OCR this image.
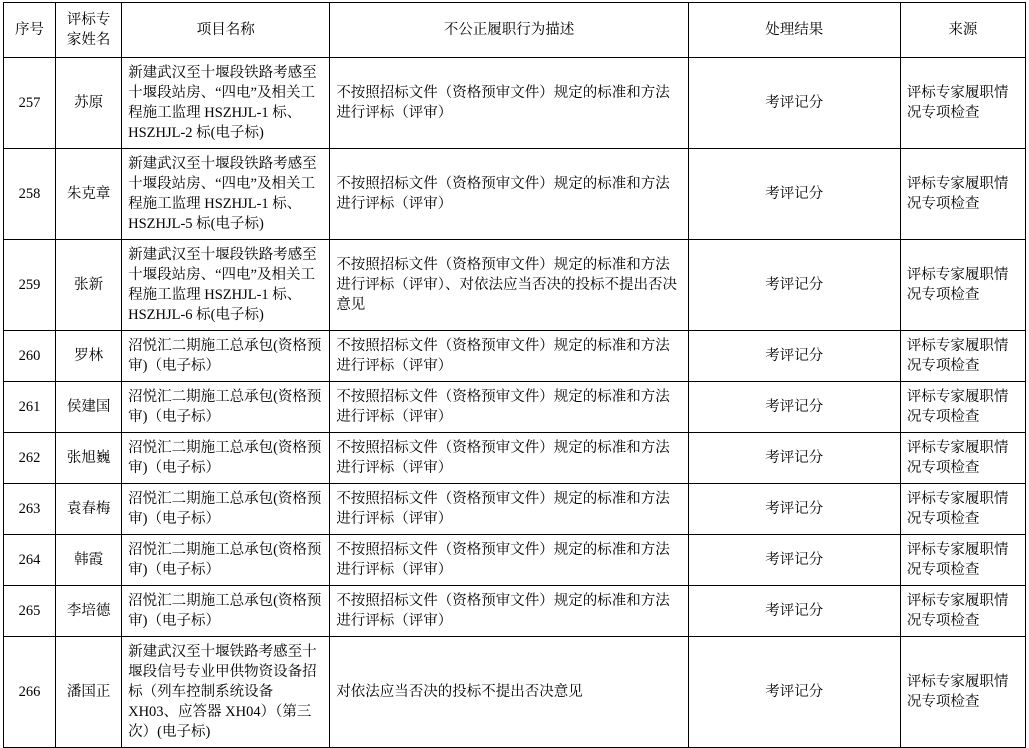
序号	评标专家姓名	项目名称	不公正履职行为描述	处理结果	来源
257	苏原	新建武汉至十堰段铁路考感至十堰段站房、“四电”及相关工程施工监理 HSZHJL-1 标、HSZHJL-2 标(电子标)	不按照招标文件（资格预审文件）规定的标准和方法进行评标（评审）	考评记分	评标专家履职情况专项检查
258	朱克章	新建武汉至十堰段铁路考感至十堰段站房、“四电”及相关工程施工监理 HSZHJL-1 标、HSZHJL-5 标(电子标)	不按照招标文件（资格预审文件）规定的标准和方法进行评标（评审）	考评记分	评标专家履职情况专项检查
259	张新	新建武汉至十堰段铁路考感至十堰段站房、“四电”及相关工程施工监理 HSZHJL-1 标、HSZHJL-6 标(电子标)	不按照招标文件（资格预审文件）规定的标准和方法进行评标（评审）、对依法应当否决的投标不提出否决意见	考评记分	评标专家履职情况专项检查
260	罗林	沼悦汇二期施工总承包(资格预审)（电子标）	不按照招标文件（资格预审文件）规定的标准和方法进行评标（评审）	考评记分	评标专家履职情况专项检查
261	侯建国	沼悦汇二期施工总承包(资格预审)（电子标）	不按照招标文件（资格预审文件）规定的标准和方法进行评标（评审）	考评记分	评标专家履职情况专项检查
262	张旭巍	沼悦汇二期施工总承包(资格预审)（电子标）	不按照招标文件（资格预审文件）规定的标准和方法进行评标（评审）	考评记分	评标专家履职情况专项检查
263	袁春梅	沼悦汇二期施工总承包(资格预审)（电子标）	不按照招标文件（资格预审文件）规定的标准和方法进行评标（评审）	考评记分	评标专家履职情况专项检查
264	韩霞	沼悦汇二期施工总承包(资格预审)（电子标）	不按照招标文件（资格预审文件）规定的标准和方法进行评标（评审）	考评记分	评标专家履职情况专项检查
265	李培德	沼悦汇二期施工总承包(资格预审)（电子标）	不按照招标文件（资格预审文件）规定的标准和方法进行评标（评审）	考评记分	评标专家履职情况专项检查
266	潘国正	新建武汉至十堰铁路考感至十堰段信号专业甲供物资设备招标（列车控制系统设备 XH03、应答器 XH04）（第三次）(电子标)	对依法应当否决的投标不提出否决意见	考评记分	评标专家履职情况专项检查
